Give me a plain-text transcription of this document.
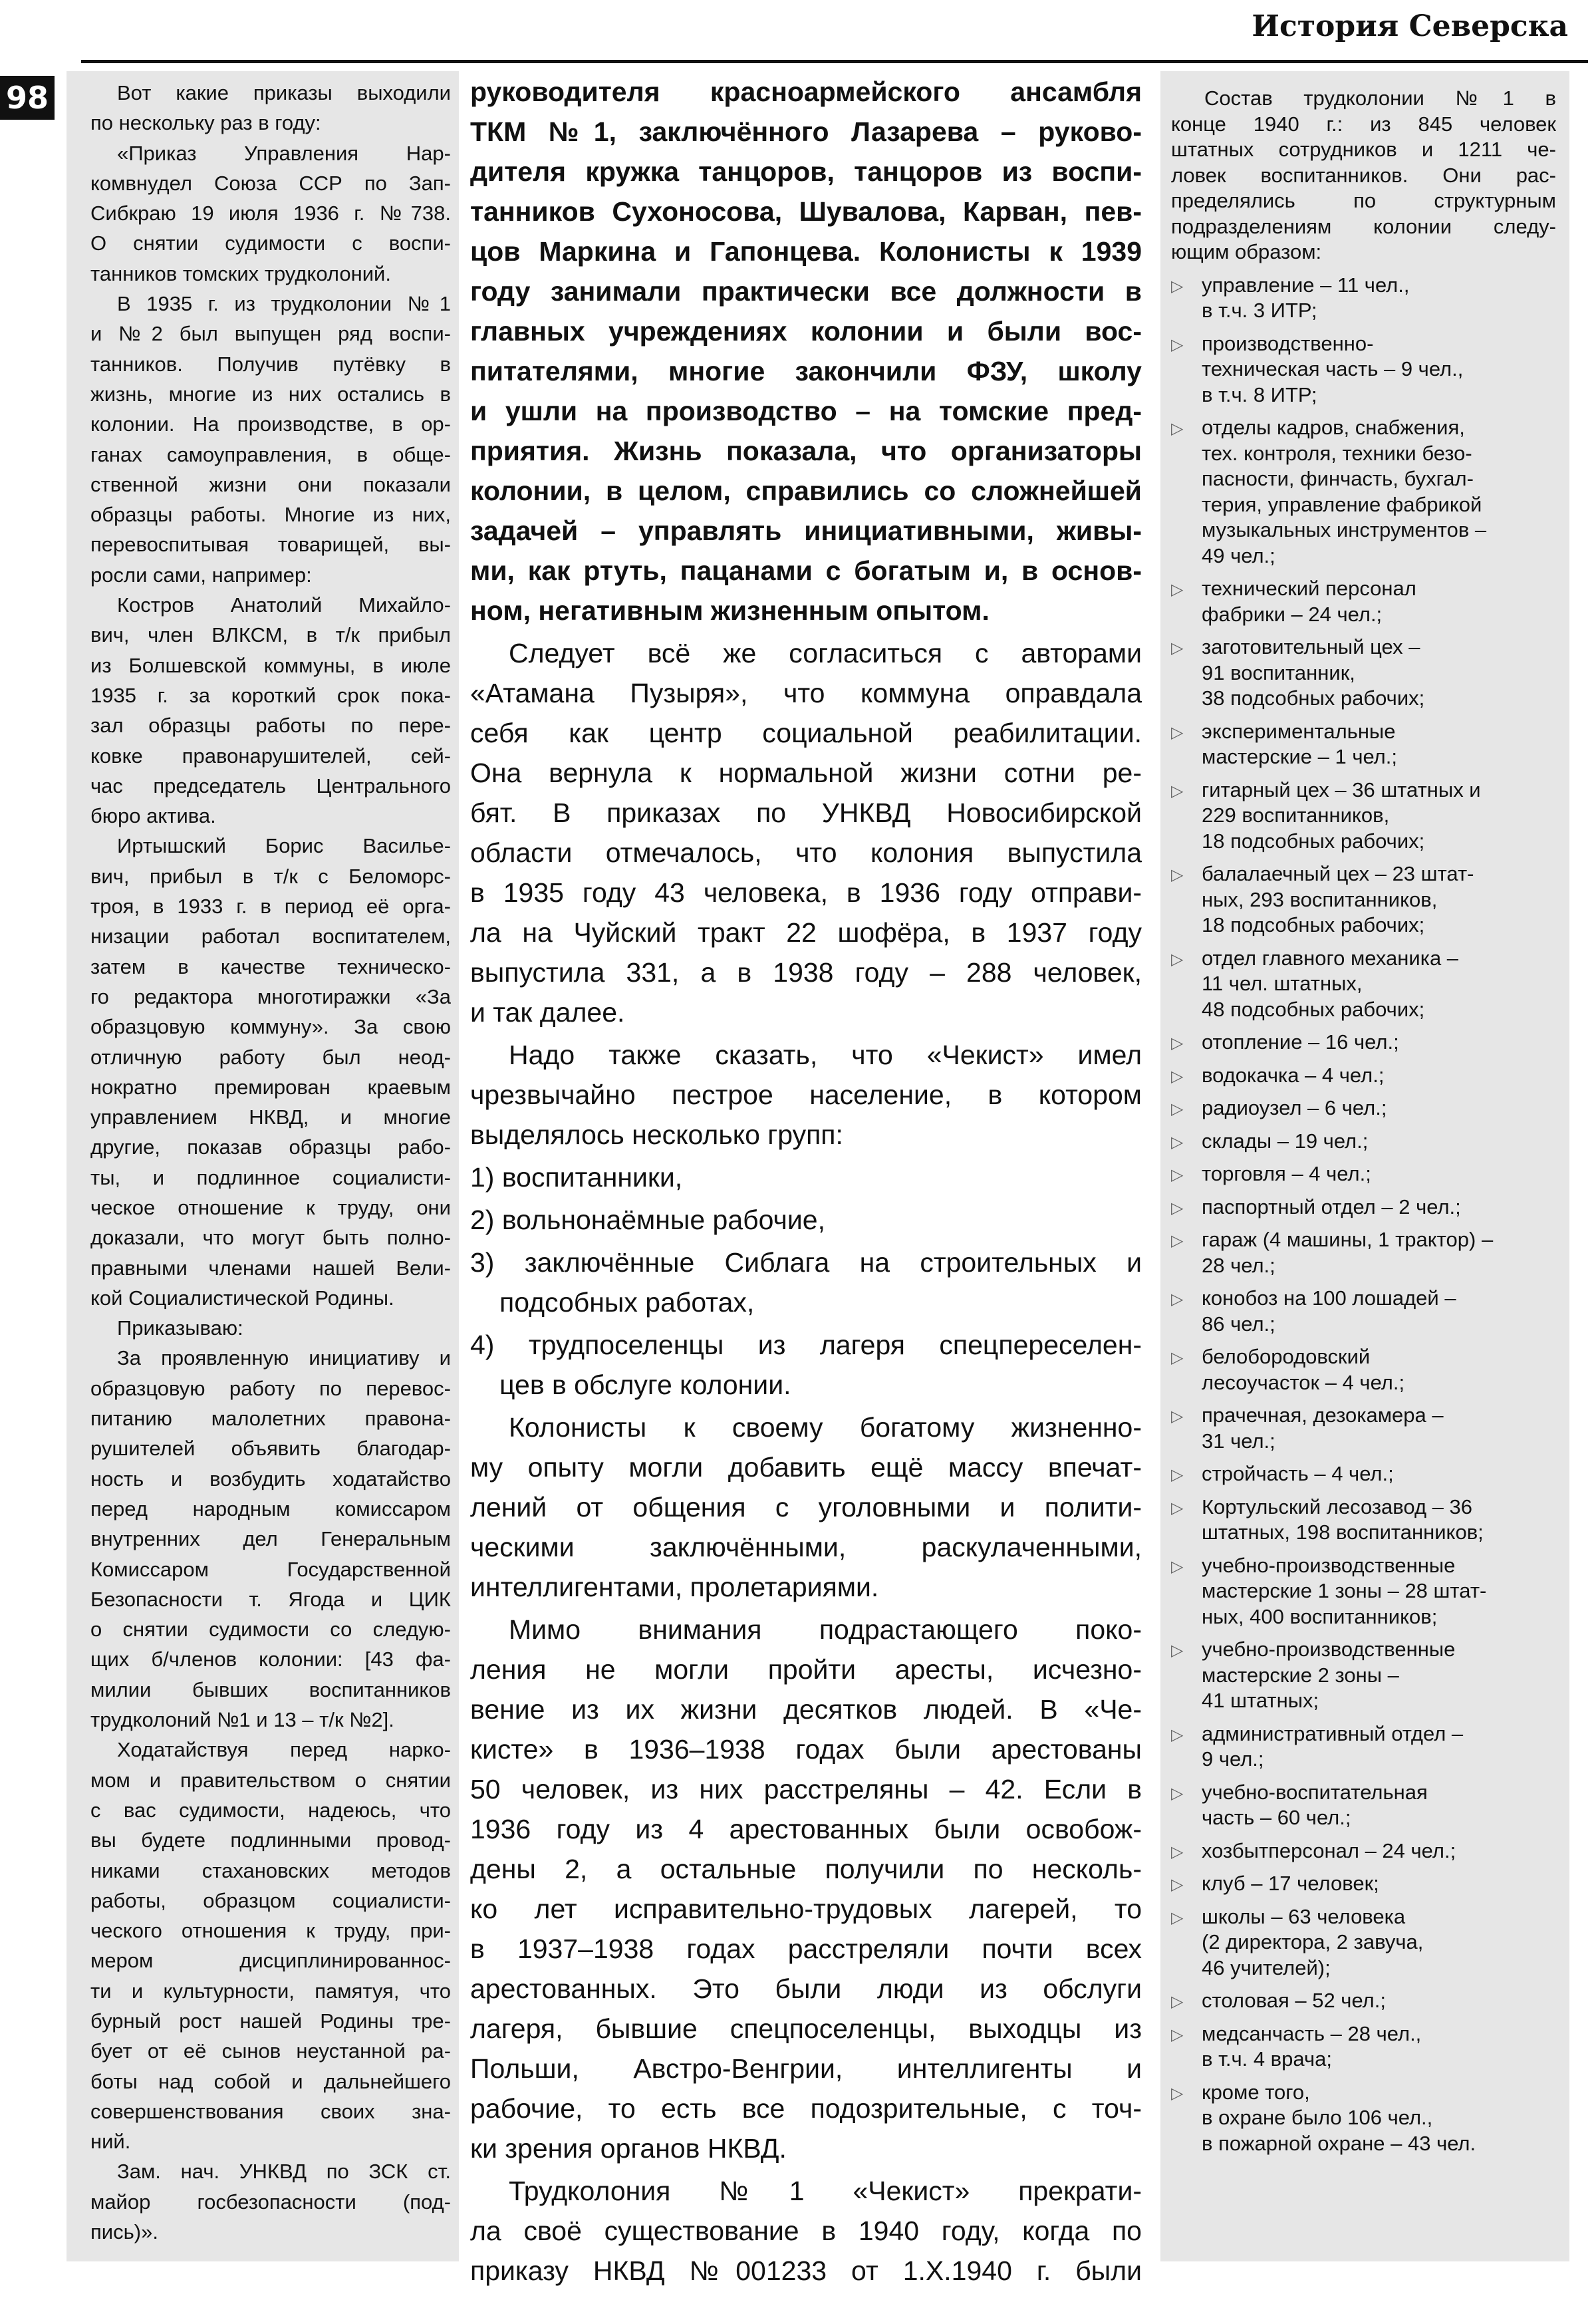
История Северска
98	Вот какие приказы выходили
по нескольку раз в году:
«Приказ Управления Нар-
комвнудел Союза ССР по Зап-
Сибкраю 19 июля 1936 г. №738.
О снятии судимости с воспи-
танников томских трудколоний.
В 1935 г. из трудколонии №1
и №2 был выпущен ряд воспи-
танников. Получив путёвку в
жизнь, многие из них остались в
колонии. На производстве, в ор-
ганах самоуправления, в обще-
ственной жизни они показали
образцы работы. Многие из них,
перевоспитывая товарищей, вы-
росли сами, например:
Костров Анатолий Михайло-
вич, член ВЛКСМ, в т/к прибыл
из Болшевской коммуны, в июле
1935 г. за короткий срок пока-
зал образцы работы по пере-
ковке правонарушителей, сей-
час председатель Центрального
бюро актива.
Иртышский Борис Василье-
вич, прибыл в т/к с Беломорс-
троя, в 1933 г. в период её орга-
низации работал воспитателем,
затем в качестве техническо-
го редактора многотиражки «За
образцовую коммуну». За свою
отличную работу был неод-
нократно премирован краевым
управлением НКВД, и многие
другие, показав образцы рабо-
ты, и подлинное социалисти-
ческое отношение к труду, они
доказали, что могут быть полно-
правными членами нашей Вели-
кой Социалистической Родины.
Приказываю:
За проявленную инициативу и
образцовую работу по перевос-
питанию малолетних правона-
рушителей объявить благодар-
ность и возбудить ходатайство
перед народным комиссаром
внутренних дел Генеральным
Комиссаром Государственной
Безопасности т. Ягода и ЦИК
о снятии судимости со следую-
щих б/членов колонии: [43 фа-
милии бывших воспитанников
трудколоний №1 и 13 – т/к №2].
Ходатайствуя перед нарко-
мом и правительством о снятии
с вас судимости, надеюсь, что
вы будете подлинными провод-
никами стахановских методов
работы, образцом социалисти-
ческого отношения к труду, при-
мером дисциплинированнос-
ти и культурности, памятуя, что
бурный рост нашей Родины тре-
бует от её сынов неустанной ра-
боты над собой и дальнейшего
совершенствования своих зна-
ний.
Зам. нач. УНКВД по ЗСК ст.
майор госбезопасности (под-
пись)».
руководителя красноармейского ансамбля
ТКМ №1, заключённого Лазарева – руково-
дителя кружка танцоров, танцоров из воспи-
танников Сухоносова, Шувалова, Карван, пев-
цов Маркина и Гапонцева. Колонисты к 1939
году занимали практически все должности в
главных учреждениях колонии и были вос-
питателями, многие закончили ФЗУ, школу
и ушли на производство – на томские пред-
приятия. Жизнь показала, что организаторы
колонии, в целом, справились со сложнейшей
задачей – управлять инициативными, живы-
ми, как ртуть, пацанами с богатым и, в основ-
ном, негативным жизненным опытом.
Следует всё же согласиться с авторами
«Атамана Пузыря», что коммуна оправдала
себя как центр социальной реабилитации.
Она вернула к нормальной жизни сотни ре-
бят. В приказах по УНКВД Новосибирской
области отмечалось, что колония выпустила
в 1935 году 43 человека, в 1936 году отправи-
ла на Чуйский тракт 22 шофёра, в 1937 году
выпустила 331, а в 1938 году – 288 человек,
и так далее.
Надо также сказать, что «Чекист» имел
чрезвычайно пестрое население, в котором
выделялось несколько групп:
1) воспитанники,
2) вольнонаёмные рабочие,
3) заключённые Сиблага на строительных и
подсобных работах,
4) трудпоселенцы из лагеря спецпереселен-
цев в обслуге колонии.
Колонисты к своему богатому жизненно-
му опыту могли добавить ещё массу впечат-
лений от общения с уголовными и полити-
ческими заключёнными, раскулаченными,
интеллигентами, пролетариями.
Мимо внимания подрастающего поко-
ления не могли пройти аресты, исчезно-
вение из их жизни десятков людей. В «Че-
кисте» в 1936–1938 годах были арестованы
50 человек, из них расстреляны – 42. Если в
1936 году из 4 арестованных были освобож-
дены 2, а остальные получили по несколь-
ко лет исправительно-трудовых лагерей, то
в 1937–1938 годах расстреляли почти всех
арестованных. Это были люди из обслуги
лагеря, бывшие спецпоселенцы, выходцы из
Польши, Австро-Венгрии, интеллигенты и
рабочие, то есть все подозрительные, с точ-
ки зрения органов НКВД.
Трудколония №1 «Чекист» прекрати-
ла своё существование в 1940 году, когда по
приказу НКВД №001233 от 1.X.1940 г. были
Состав трудколонии №1 в
конце 1940 г.: из 845 человек
штатных сотрудников и 1211 че-
ловек воспитанников. Они рас-
пределялись по структурным
подразделениям колонии следу-
ющим образом:
▷ управление – 11 чел.,
в т.ч. 3 ИТР;
▷ производственно-
техническая часть – 9 чел.,
в т.ч. 8 ИТР;
▷ отделы кадров, снабжения,
тех. контроля, техники безо-
пасности, финчасть, бухгал-
терия, управление фабрикой
музыкальных инструментов –
49 чел.;
▷ технический персонал
фабрики – 24 чел.;
▷ заготовительный цех –
91 воспитанник,
38 подсобных рабочих;
▷ экспериментальные
мастерские – 1 чел.;
▷ гитарный цех – 36 штатных и
229 воспитанников,
18 подсобных рабочих;
▷ балалаечный цех – 23 штат-
ных, 293 воспитанников,
18 подсобных рабочих;
▷ отдел главного механика –
11 чел. штатных,
48 подсобных рабочих;
▷ отопление – 16 чел.;
▷ водокачка – 4 чел.;
▷ радиоузел – 6 чел.;
▷ склады – 19 чел.;
▷ торговля – 4 чел.;
▷ паспортный отдел – 2 чел.;
▷ гараж (4 машины, 1 трактор) –
28 чел.;
▷ конобоз на 100 лошадей –
86 чел.;
▷ белобородовский
лесоучасток – 4 чел.;
▷ прачечная, дезокамера –
31 чел.;
▷ стройчасть – 4 чел.;
▷ Кортульский лесозавод – 36
штатных, 198 воспитанников;
▷ учебно-производственные
мастерские 1 зоны – 28 штат-
ных, 400 воспитанников;
▷ учебно-производственные
мастерские 2 зоны –
41 штатных;
▷ административный отдел –
9 чел.;
▷ учебно-воспитательная
часть – 60 чел.;
▷ хозбытперсонал – 24 чел.;
▷ клуб – 17 человек;
▷ школы – 63 человека
(2 директора, 2 завуча,
46 учителей);
▷ столовая – 52 чел.;
▷ медсанчасть – 28 чел.,
в т.ч. 4 врача;
▷ кроме того,
в охране было 106 чел.,
в пожарной охране – 43 чел.
